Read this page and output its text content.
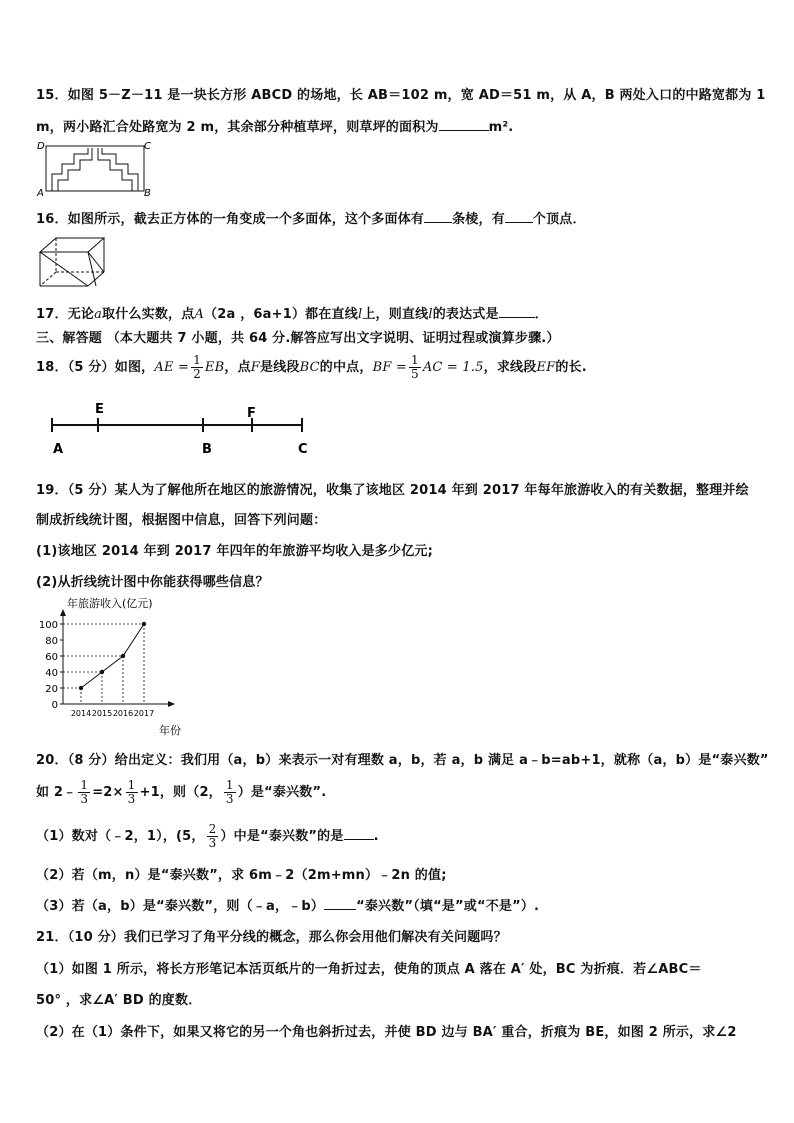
15．如图 5－Z－11 是一块长方形 ABCD 的场地，长 AB＝102 m，宽 AD＝51 m，从 A，B 两处入口的中路宽都为 1
m，两小路汇合处路宽为 2 m，其余部分种植草坪，则草坪的面积为	m².
D	C
A	B
16．如图所示，截去正方体的一角变成一个多面体，这个多面体有 条棱，有 个顶点．
17．无论a取什么实数，点A（2a ，6a+1）都在直线l上，则直线l的表达式是	．
三、解答题 （本大题共 7 小题，共 64 分.解答应写出文字说明、证明过程或演算步骤.）
18．（5 分）如图，AE = $\frac{1}{2}$ EB，点F是线段BC的中点，BF = $\frac{1}{5}$ AC = 1.5，求线段EF的长.
A
E
B
F
C
19．（5 分）某人为了解他所在地区的旅游情况，收集了该地区 2014 年到 2017 年每年旅游收入的有关数据，整理并绘
制成折线统计图，根据图中信息，回答下列问题：
(1)该地区 2014 年到 2017 年四年的年旅游平均收入是多少亿元;
(2)从折线统计图中你能获得哪些信息？
年旅游收入(亿元)
年份
0
20
40
60
80
100
2014 2015 2016 2017
20．（8 分）给出定义：我们用（a，b）来表示一对有理数 a，b，若 a，b 满足 a﹣b=ab+1，就称（a，b）是“泰兴数”
如 2﹣ $\frac{1}{3} =2\times \frac{1}{3} +1$，则（2， $\frac{1}{3}$ ）是“泰兴数”.
（1）数对（﹣2，1），(5， $\frac{2}{3}$ ）中是“泰兴数”的是 .
（2）若（m，n）是“泰兴数”，求 6m﹣2（2m+mn）﹣2n 的值;
（3）若（a，b）是“泰兴数”，则（﹣a，﹣b） “泰兴数”（填“是”或“不是”）.
21．（10 分）我们已学习了角平分线的概念，那么你会用他们解决有关问题吗？
（1）如图 1 所示，将长方形笔记本活页纸片的一角折过去，使角的顶点 A 落在 A′ 处，BC 为折痕．若∠ABC＝
50° ，求∠A′ BD 的度数．
（2）在（1）条件下，如果又将它的另一个角也斜折过去，并使 BD 边与 BA′ 重合，折痕为 BE，如图 2 所示，求∠2
